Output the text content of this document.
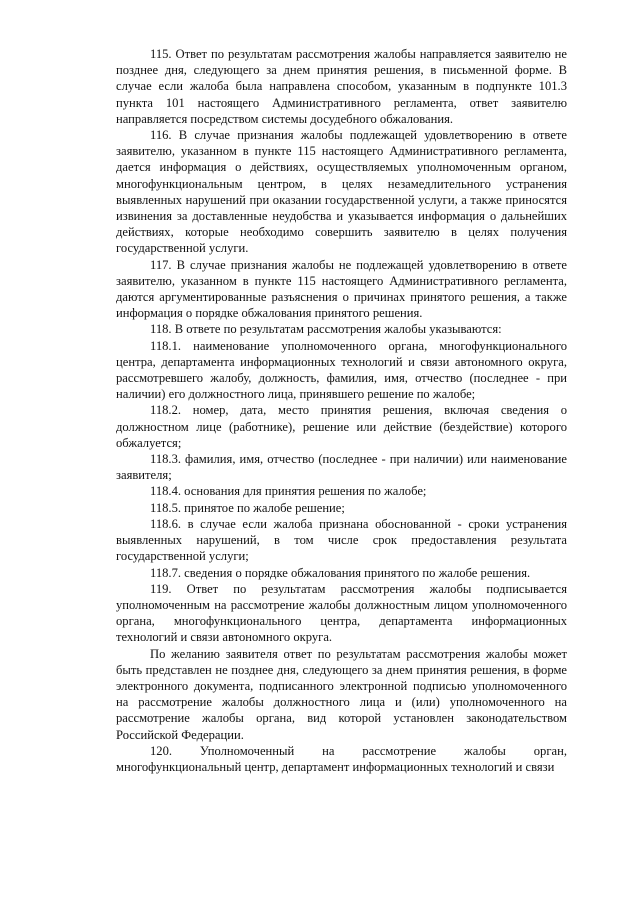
115. Ответ по результатам рассмотрения жалобы направляется заявителю не позднее дня, следующего за днем принятия решения, в письменной форме. В случае если жалоба была направлена способом, указанным в подпункте 101.3 пункта 101 настоящего Административного регламента, ответ заявителю направляется посредством системы досудебного обжалования.

116. В случае признания жалобы подлежащей удовлетворению в ответе заявителю, указанном в пункте 115 настоящего Административного регламента, дается информация о действиях, осуществляемых уполномоченным органом, многофункциональным центром, в целях незамедлительного устранения выявленных нарушений при оказании государственной услуги, а также приносятся извинения за доставленные неудобства и указывается информация о дальнейших действиях, которые необходимо совершить заявителю в целях получения государственной услуги.

117. В случае признания жалобы не подлежащей удовлетворению в ответе заявителю, указанном в пункте 115 настоящего Административного регламента, даются аргументированные разъяснения о причинах принятого решения, а также информация о порядке обжалования принятого решения.

118. В ответе по результатам рассмотрения жалобы указываются:

118.1. наименование уполномоченного органа, многофункционального центра, департамента информационных технологий и связи автономного округа, рассмотревшего жалобу, должность, фамилия, имя, отчество (последнее - при наличии) его должностного лица, принявшего решение по жалобе;

118.2. номер, дата, место принятия решения, включая сведения о должностном лице (работнике), решение или действие (бездействие) которого обжалуется;

118.3. фамилия, имя, отчество (последнее - при наличии) или наименование заявителя;

118.4. основания для принятия решения по жалобе;

118.5. принятое по жалобе решение;

118.6. в случае если жалоба признана обоснованной - сроки устранения выявленных нарушений, в том числе срок предоставления результата государственной услуги;

118.7. сведения о порядке обжалования принятого по жалобе решения.

119. Ответ по результатам рассмотрения жалобы подписывается уполномоченным на рассмотрение жалобы должностным лицом уполномоченного органа, многофункционального центра, департамента информационных технологий и связи автономного округа.

По желанию заявителя ответ по результатам рассмотрения жалобы может быть представлен не позднее дня, следующего за днем принятия решения, в форме электронного документа, подписанного электронной подписью уполномоченного на рассмотрение жалобы должностного лица и (или) уполномоченного на рассмотрение жалобы органа, вид которой установлен законодательством Российской Федерации.

120. Уполномоченный на рассмотрение жалобы орган, многофункциональный центр, департамент информационных технологий и связи
